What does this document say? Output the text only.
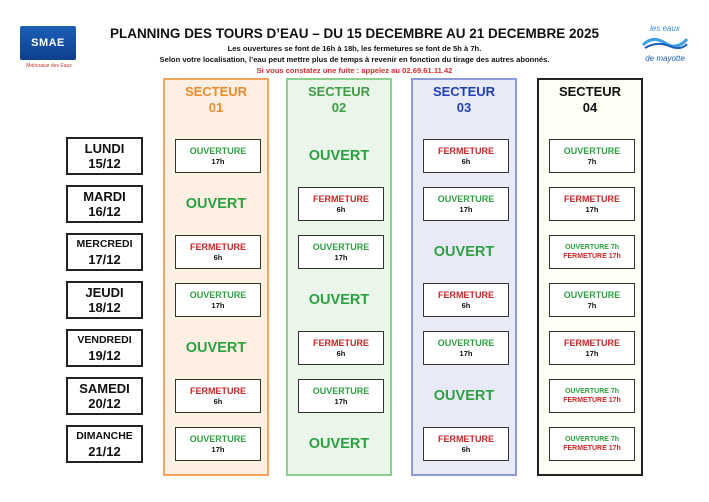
SMAE
Mahoraise des Eaux
les eaux
de mayotte
PLANNING DES TOURS D’EAU – DU 15 DECEMBRE AU 21 DECEMBRE 2025
Les ouvertures se font de 16h à 18h, les fermetures se font de 5h à 7h.
Selon votre localisation, l’eau peut mettre plus de temps à revenir en fonction du tirage des autres abonnés.
Si vous constatez une fuite : appelez au 02.69.61.11.42
LUNDI
15/12
MARDI
16/12
MERCREDI
17/12
JEUDI
18/12
VENDREDI
19/12
SAMEDI
20/12
DIMANCHE
21/12
SECTEUR
01
OUVERTURE
17h
OUVERT
FERMETURE
6h
OUVERTURE
17h
OUVERT
FERMETURE
6h
OUVERTURE
17h
SECTEUR
02
OUVERT
FERMETURE
6h
OUVERTURE
17h
OUVERT
FERMETURE
6h
OUVERTURE
17h
OUVERT
SECTEUR
03
FERMETURE
6h
OUVERTURE
17h
OUVERT
FERMETURE
6h
OUVERTURE
17h
OUVERT
FERMETURE
6h
SECTEUR
04
OUVERTURE
7h
FERMETURE
17h
OUVERTURE 7h
FERMETURE 17h
OUVERTURE
7h
FERMETURE
17h
OUVERTURE 7h
FERMETURE 17h
OUVERTURE 7h
FERMETURE 17h
